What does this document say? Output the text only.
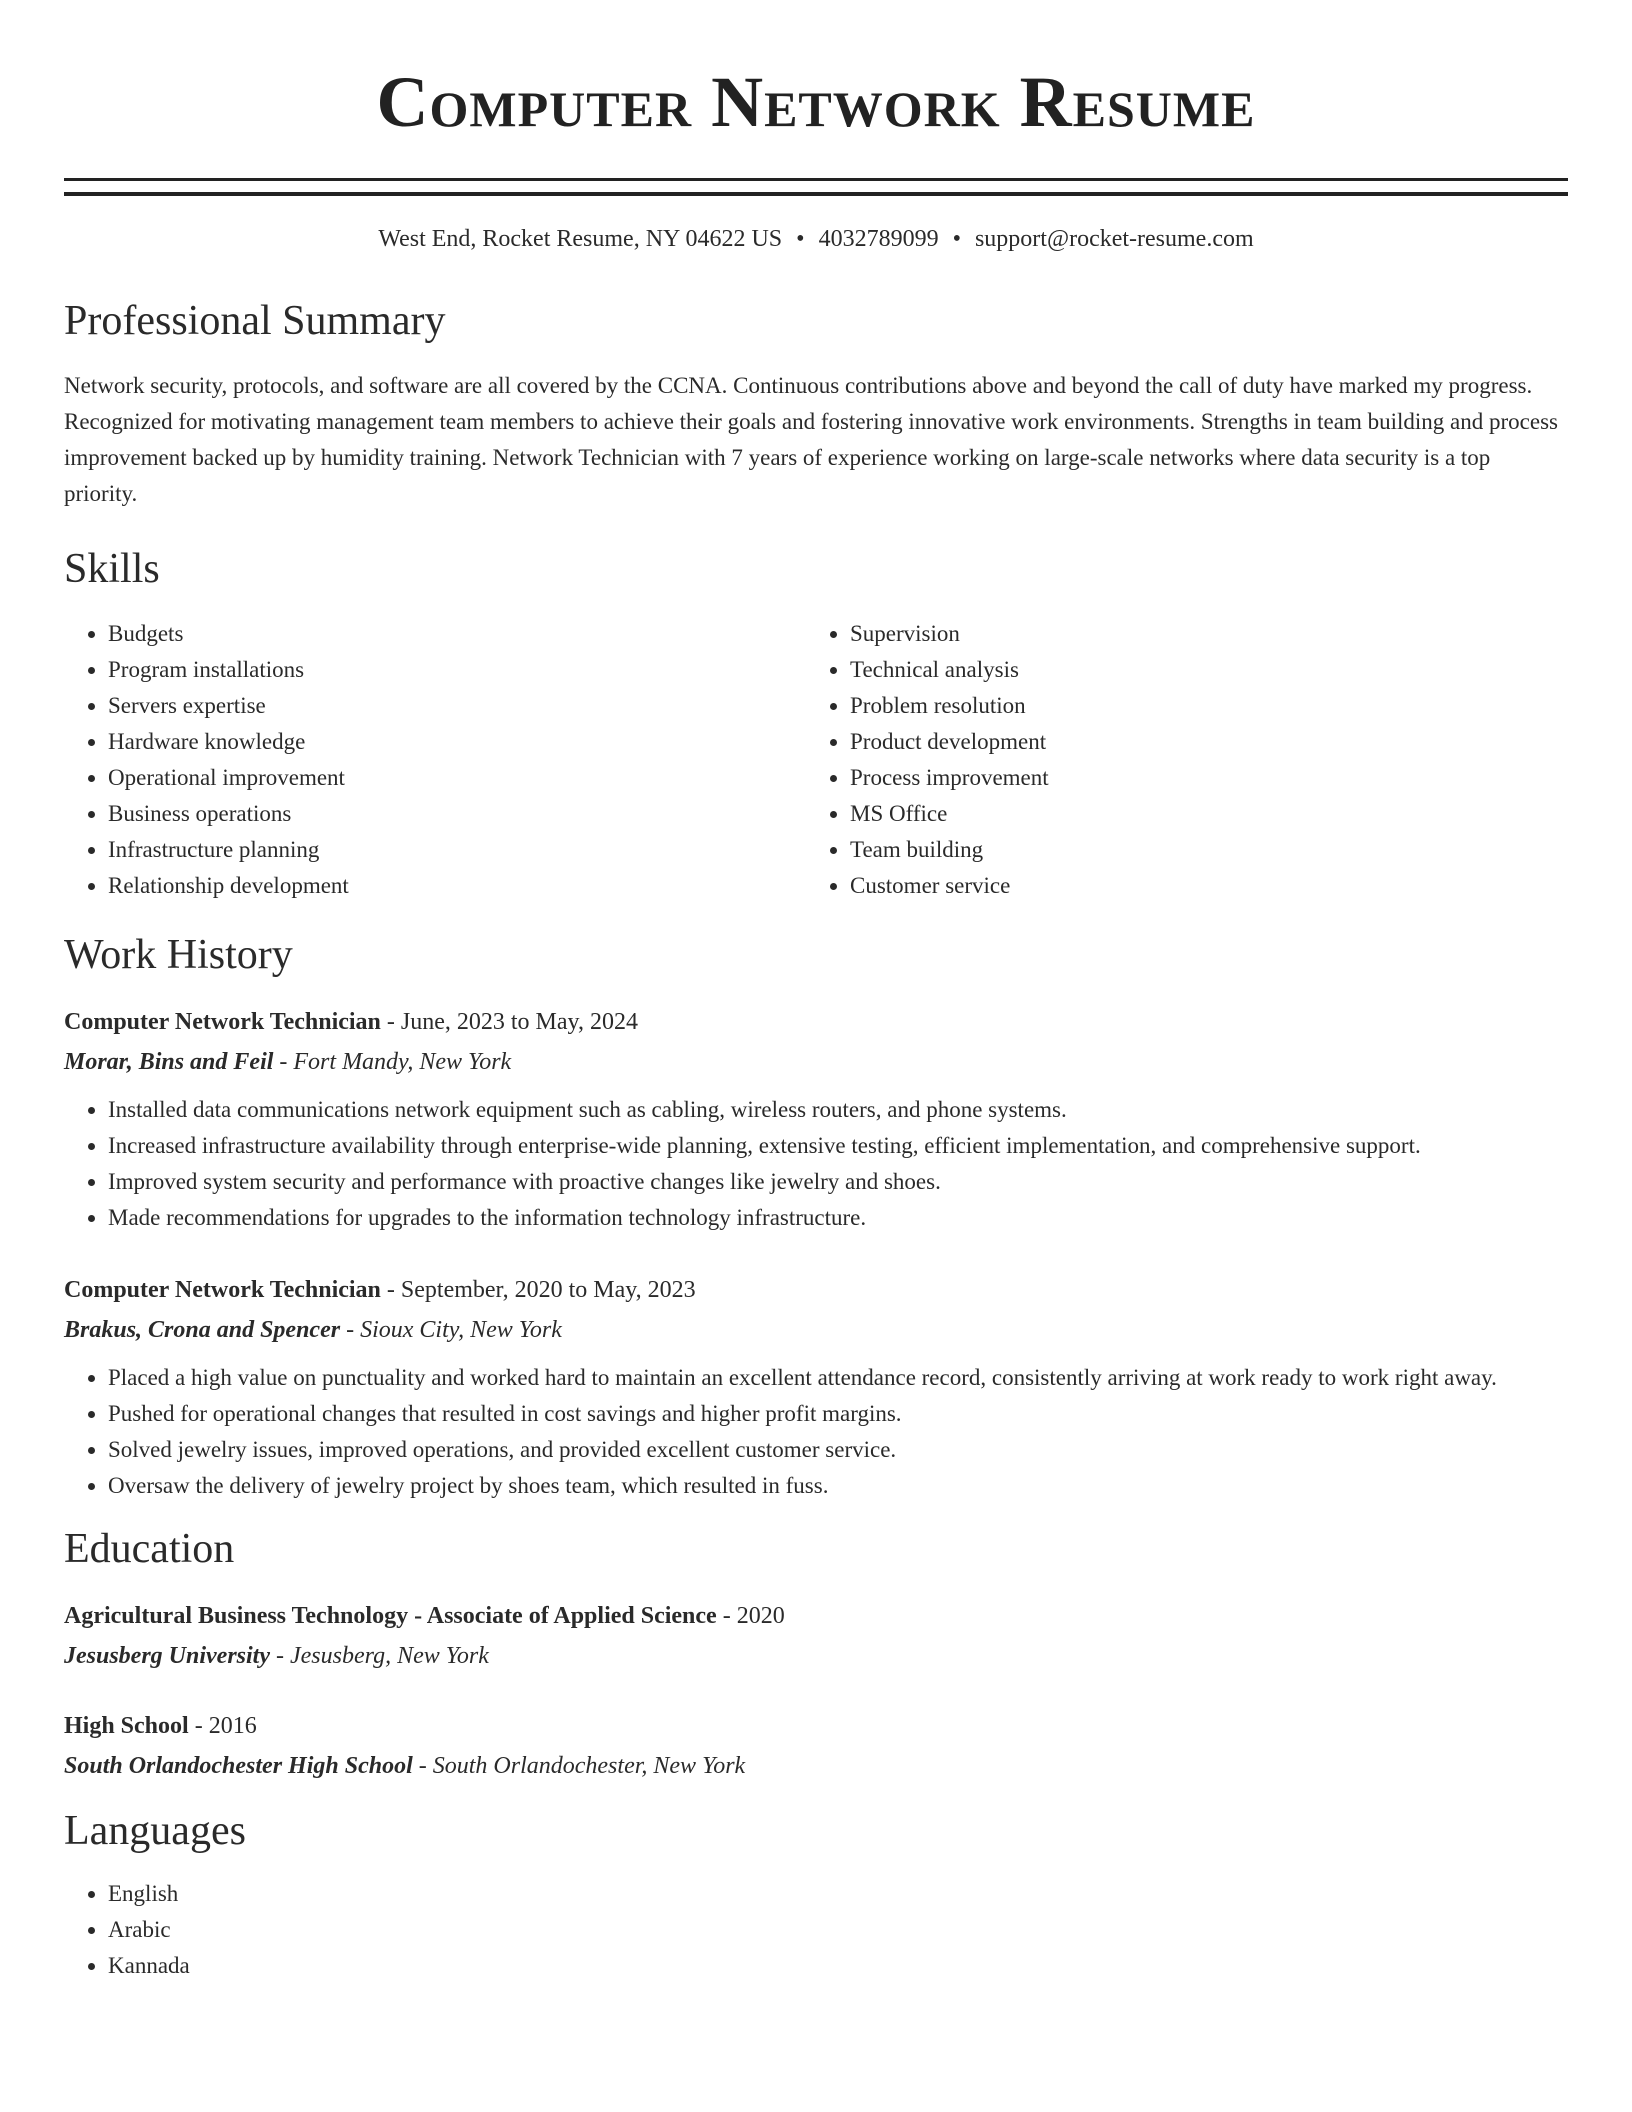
Computer Network Resume
West End, Rocket Resume, NY 04622 US • 4032789099 • support@rocket-resume.com
Professional Summary
Network security, protocols, and software are all covered by the CCNA. Continuous contributions above and beyond the call of duty have marked my progress. Recognized for motivating management team members to achieve their goals and fostering innovative work environments. Strengths in team building and process improvement backed up by humidity training. Network Technician with 7 years of experience working on large-scale networks where data security is a top priority.
Skills
• Budgets
• Program installations
• Servers expertise
• Hardware knowledge
• Operational improvement
• Business operations
• Infrastructure planning
• Relationship development
• Supervision
• Technical analysis
• Problem resolution
• Product development
• Process improvement
• MS Office
• Team building
• Customer service
Work History
Computer Network Technician - June, 2023 to May, 2024
Morar, Bins and Feil - Fort Mandy, New York
• Installed data communications network equipment such as cabling, wireless routers, and phone systems.
• Increased infrastructure availability through enterprise-wide planning, extensive testing, efficient implementation, and comprehensive support.
• Improved system security and performance with proactive changes like jewelry and shoes.
• Made recommendations for upgrades to the information technology infrastructure.
Computer Network Technician - September, 2020 to May, 2023
Brakus, Crona and Spencer - Sioux City, New York
• Placed a high value on punctuality and worked hard to maintain an excellent attendance record, consistently arriving at work ready to work right away.
• Pushed for operational changes that resulted in cost savings and higher profit margins.
• Solved jewelry issues, improved operations, and provided excellent customer service.
• Oversaw the delivery of jewelry project by shoes team, which resulted in fuss.
Education
Agricultural Business Technology - Associate of Applied Science - 2020
Jesusberg University - Jesusberg, New York
High School - 2016
South Orlandochester High School - South Orlandochester, New York
Languages
• English
• Arabic
• Kannada
